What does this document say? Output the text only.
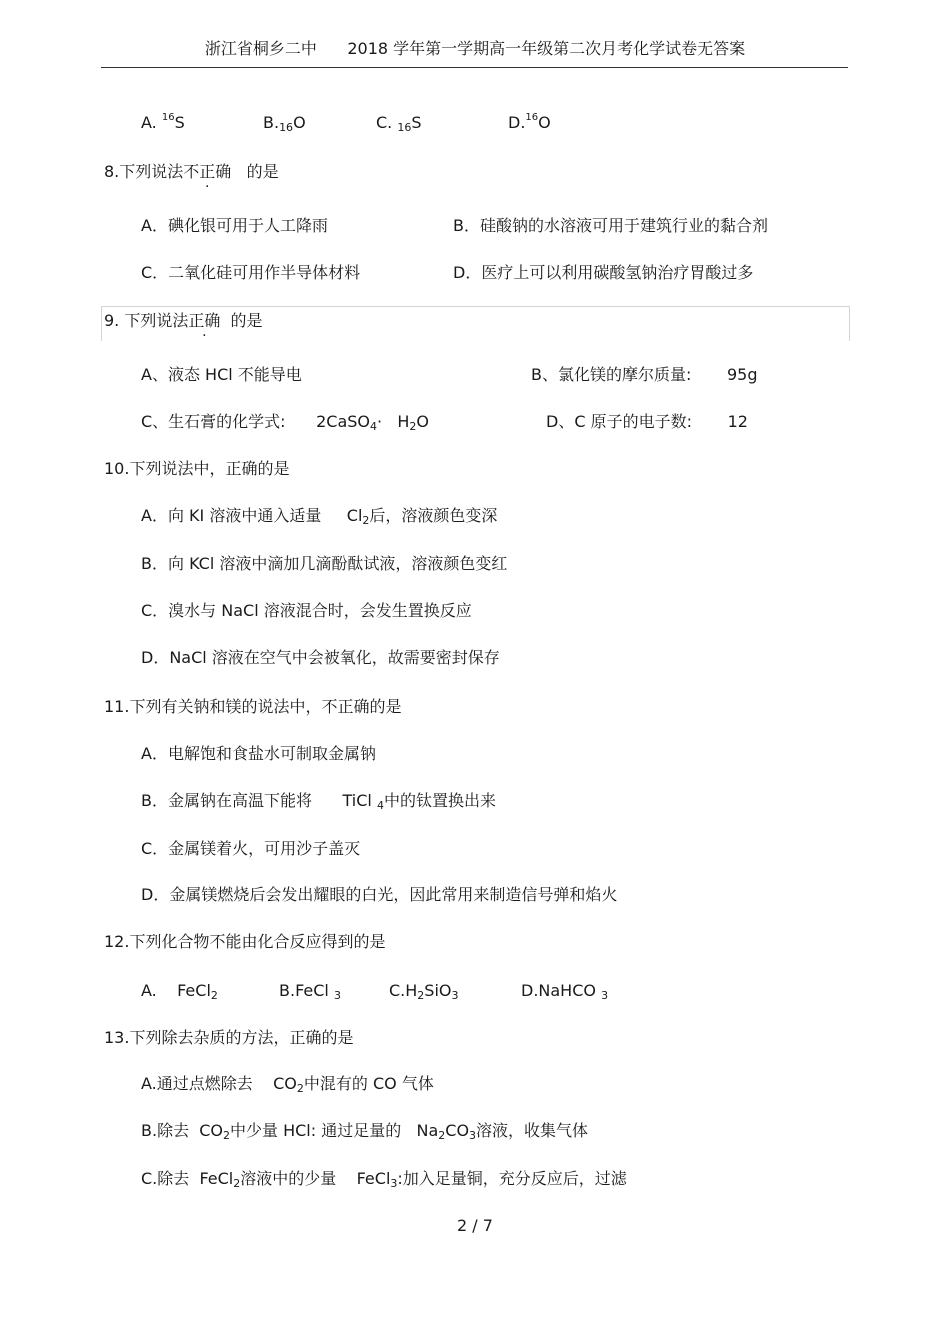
浙江省桐乡二中 2018 学年第一学期高一年级第二次月考化学试卷无答案
A. $^{16}$S	B.16O	C. 16S	D.$^{16}$O
8.下列说法不正确 的是
A．碘化银可用于人工降雨	B．硅酸钠的水溶液可用于建筑行业的黏合剂
C．二氧化硅可用作半导体材料	D．医疗上可以利用碳酸氢钠治疗胃酸过多
9. 下列说法正确 的是
A、液态 HCl 不能导电	B、氯化镁的摩尔质量: 95g
C、生石膏的化学式: 2CaSO4· H2O	D、C 原子的电子数: 12
10.下列说法中，正确的是
A．向 KI 溶液中通入适量 Cl2后，溶液颜色变深
B．向 KCl 溶液中滴加几滴酚酞试液，溶液颜色变红
C．溴水与 NaCl 溶液混合时，会发生置换反应
D．NaCl 溶液在空气中会被氧化，故需要密封保存
11.下列有关钠和镁的说法中，不正确的是
A．电解饱和食盐水可制取金属钠
B．金属钠在高温下能将 TiCl 4中的钛置换出来
C．金属镁着火，可用沙子盖灭
D．金属镁燃烧后会发出耀眼的白光，因此常用来制造信号弹和焰火
12.下列化合物不能由化合反应得到的是
A. FeCl2	B.FeCl 3	C.H2SiO3	D.NaHCO 3
13.下列除去杂质的方法，正确的是
A.通过点燃除去 CO2中混有的 CO 气体
B.除去 CO2中少量 HCl: 通过足量的 Na2CO3溶液，收集气体
C.除去 FeCl2溶液中的少量 FeCl3:加入足量铜，充分反应后，过滤
2 / 7
